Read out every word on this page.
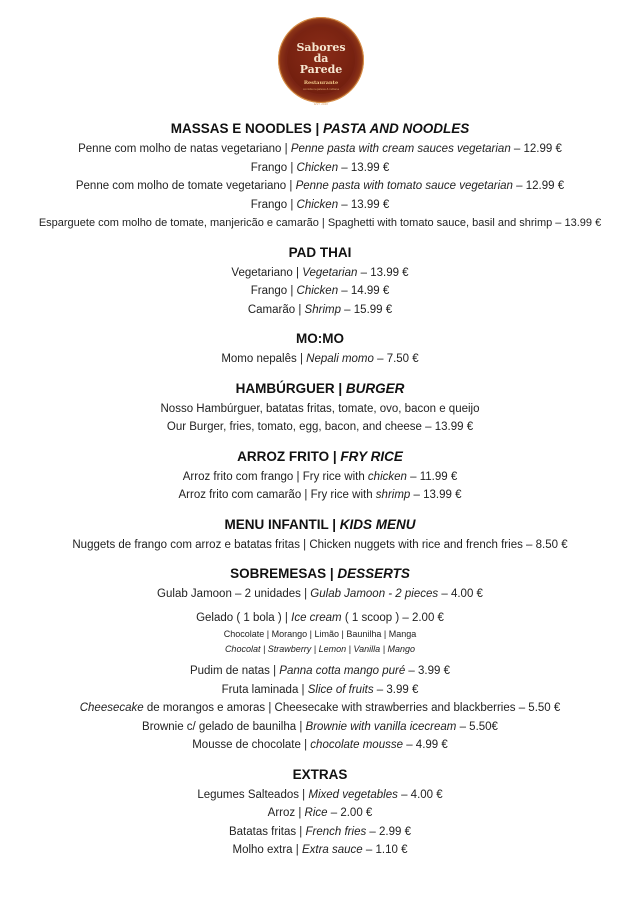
Sabores
da
Parede
Restaurante
comida nepalesa & indiana
EST. 2020
MASSAS E NOODLES | PASTA AND NOODLES
Penne com molho de natas vegetariano | Penne pasta with cream sauces vegetarian – 12.99 €
Frango | Chicken – 13.99 €
Penne com molho de tomate vegetariano | Penne pasta with tomato sauce vegetarian – 12.99 €
Frango | Chicken – 13.99 €
Esparguete com molho de tomate, manjericão e camarão | Spaghetti with tomato sauce, basil and shrimp – 13.99 €
PAD THAI
Vegetariano | Vegetarian – 13.99 €
Frango | Chicken – 14.99 €
Camarão | Shrimp – 15.99 €
MO:MO
Momo nepalês | Nepali momo – 7.50 €
HAMBÚRGUER | BURGER
Nosso Hambúrguer, batatas fritas, tomate, ovo, bacon e queijo
Our Burger, fries, tomato, egg, bacon, and cheese – 13.99 €
ARROZ FRITO | FRY RICE
Arroz frito com frango | Fry rice with chicken – 11.99 €
Arroz frito com camarão | Fry rice with shrimp – 13.99 €
MENU INFANTIL | KIDS MENU
Nuggets de frango com arroz e batatas fritas | Chicken nuggets with rice and french fries – 8.50 €
SOBREMESAS | DESSERTS
Gulab Jamoon – 2 unidades | Gulab Jamoon - 2 pieces – 4.00 €
Gelado ( 1 bola ) | Ice cream ( 1 scoop ) – 2.00 €
Chocolate | Morango | Limão | Baunilha | Manga
Chocolat | Strawberry | Lemon | Vanilla | Mango
Pudim de natas | Panna cotta mango puré – 3.99 €
Fruta laminada | Slice of fruits – 3.99 €
Cheesecake de morangos e amoras | Cheesecake with strawberries and blackberries – 5.50 €
Brownie c/ gelado de baunilha | Brownie with vanilla icecream – 5.50€
Mousse de chocolate | chocolate mousse – 4.99 €
EXTRAS
Legumes Salteados | Mixed vegetables – 4.00 €
Arroz | Rice – 2.00 €
Batatas fritas | French fries – 2.99 €
Molho extra | Extra sauce – 1.10 €
